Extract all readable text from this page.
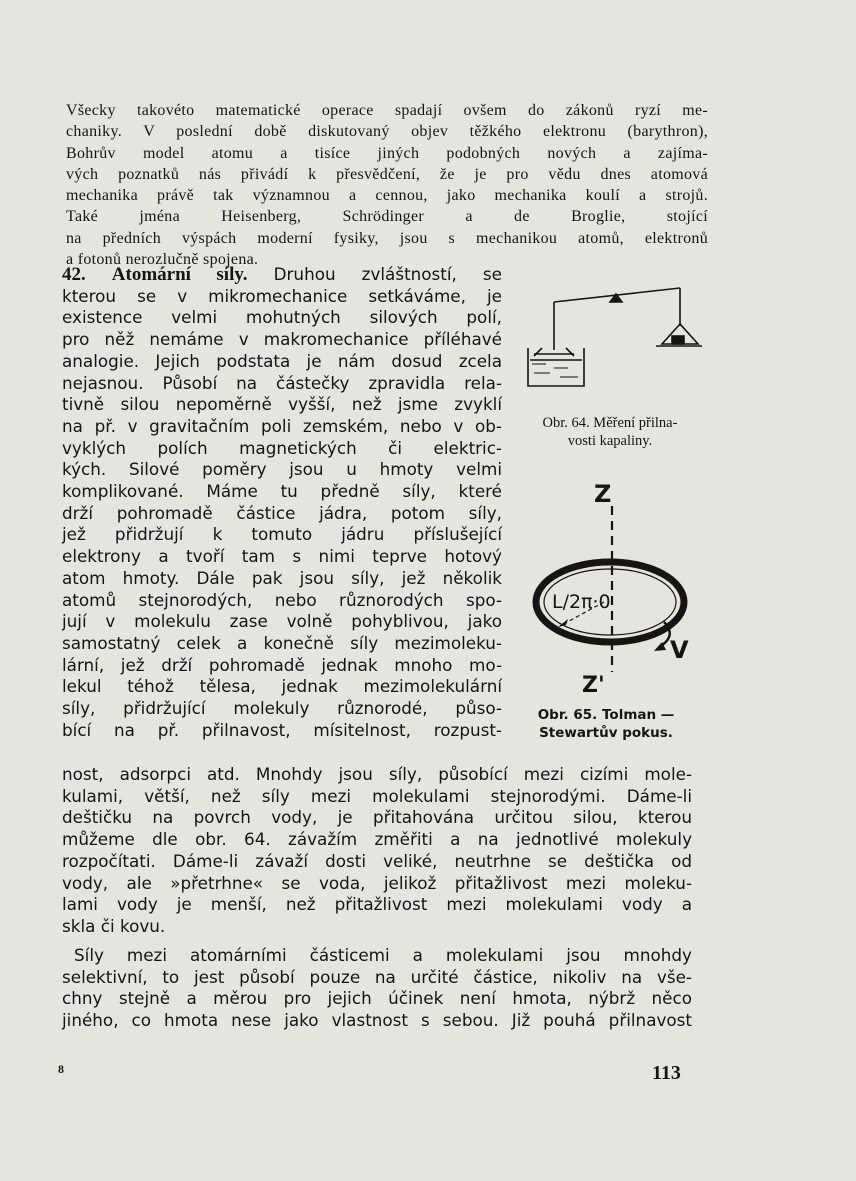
Všecky takovéto matematické operace spadají ovšem do zákonů ryzí me-
chaniky. V poslední době diskutovaný objev těžkého elektronu (barythron),
Bohrův model atomu a tisíce jiných podobných nových a zajíma-
vých poznatků nás přivádí k přesvědčení, že je pro vědu dnes atomová
mechanika právě tak významnou a cennou, jako mechanika koulí a strojů.
Také jména Heisenberg, Schrödinger a de Broglie, stojící
na předních výspách moderní fysiky, jsou s mechanikou atomů, elektronů
a fotonů nerozlučně spojena.
42. Atomární síly. Druhou zvláštností, se
kterou se v mikromechanice setkáváme, je
existence velmi mohutných silových polí,
pro něž nemáme v makromechanice příléhavé
analogie. Jejich podstata je nám dosud zcela
nejasnou. Působí na částečky zpravidla rela-
tivně silou nepoměrně vyšší, než jsme zvyklí
na př. v gravitačním poli zemském, nebo v ob-
vyklých polích magnetických či elektric-
kých. Silové poměry jsou u hmoty velmi
komplikované. Máme tu předně síly, které
drží pohromadě částice jádra, potom síly,
jež přidržují k tomuto jádru příslušející
elektrony a tvoří tam s nimi teprve hotový
atom hmoty. Dále pak jsou síly, jež několik
atomů stejnorodých, nebo různorodých spo-
jují v molekulu zase volně pohyblivou, jako
samostatný celek a konečně síly mezimoleku-
lární, jež drží pohromadě jednak mnoho mo-
lekul téhož tělesa, jednak mezimolekulární
síly, přidržující molekuly různorodé, půso-
bící na př. přilnavost, mísitelnost, rozpust-
nost, adsorpci atd. Mnohdy jsou síly, působící mezi cizími mole-
kulami, větší, než síly mezi molekulami stejnorodými. Dáme-li
deštičku na povrch vody, je přitahována určitou silou, kterou
můžeme dle obr. 64. závažím změřiti a na jednotlivé molekuly
rozpočítati. Dáme-li závaží dosti veliké, neutrhne se deštička od
vody, ale »přetrhne« se voda, jelikož přitažlivost mezi moleku-
lami vody je menší, než přitažlivost mezi molekulami vody a
skla či kovu.
Síly mezi atomárními částicemi a molekulami jsou mnohdy
selektivní, to jest působí pouze na určité částice, nikoliv na vše-
chny stejně a měrou pro jejich účinek není hmota, nýbrž něco
jiného, co hmota nese jako vlastnost s sebou. Již pouhá přilnavost
Obr. 64. Měření přilna-
vosti kapaliny.
Z
Z'
L/2π·0
V
Obr. 65. Tolman —
Stewartův pokus.
8	113
